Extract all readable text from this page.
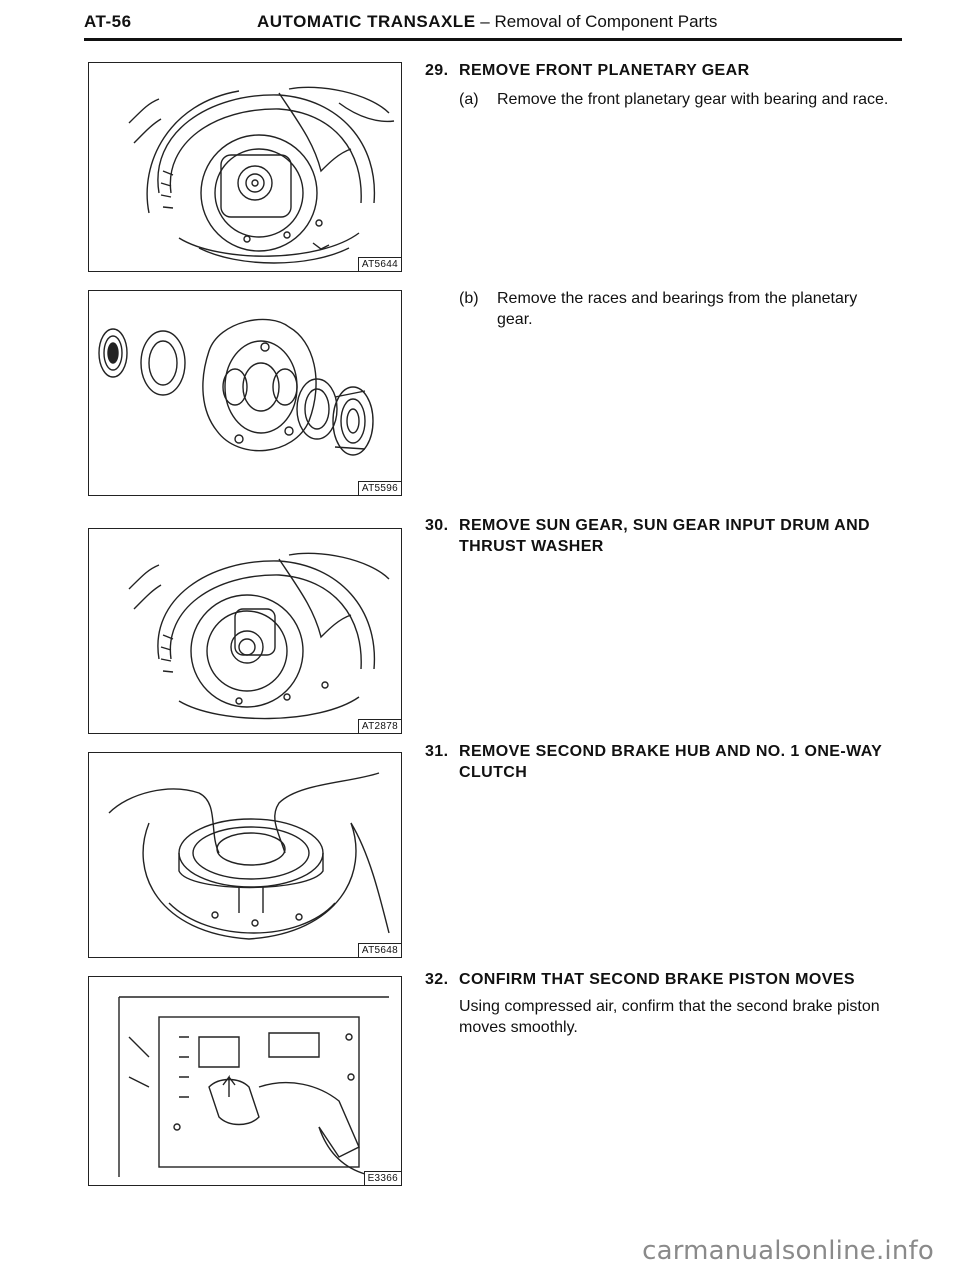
AT-56	AUTOMATIC TRANSAXLE – Removal of Component Parts
AT5644
AT5596
AT2878
AT5648
E3366
29. REMOVE FRONT PLANETARY GEAR
(a)	Remove the front planetary gear with bearing and race.
(b)	Remove the races and bearings from the planetary gear.
30. REMOVE SUN GEAR, SUN GEAR INPUT DRUM AND
THRUST WASHER
31. REMOVE SECOND BRAKE HUB AND NO. 1 ONE-WAY
CLUTCH
32. CONFIRM THAT SECOND BRAKE PISTON MOVES
Using compressed air, confirm that the second brake piston moves smoothly.
carmanualsonline.info
